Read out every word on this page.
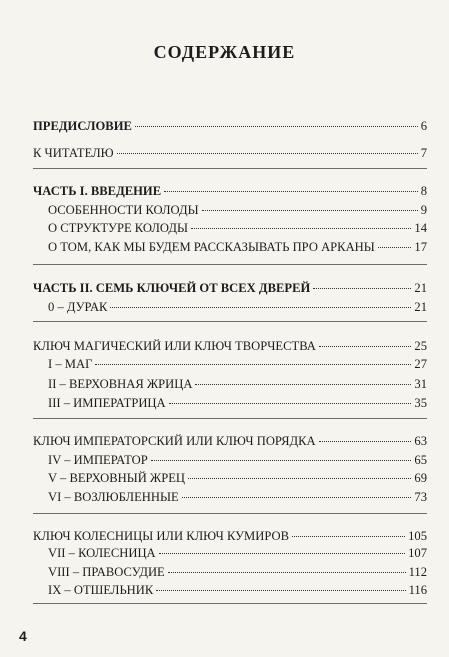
СОДЕРЖАНИЕ
ПРЕДИСЛОВИЕ	6
К ЧИТАТЕЛЮ	7
ЧАСТЬ I. ВВЕДЕНИЕ	8
ОСОБЕННОСТИ КОЛОДЫ	9
О СТРУКТУРЕ КОЛОДЫ	14
О ТОМ, КАК МЫ БУДЕМ РАССКАЗЫВАТЬ ПРО АРКАНЫ	17
ЧАСТЬ II. СЕМЬ КЛЮЧЕЙ ОТ ВСЕХ ДВЕРЕЙ	21
0 – ДУРАК	21
КЛЮЧ МАГИЧЕСКИЙ ИЛИ КЛЮЧ ТВОРЧЕСТВА	25
I – МАГ	27
II – ВЕРХОВНАЯ ЖРИЦА	31
III – ИМПЕРАТРИЦА	35
КЛЮЧ ИМПЕРАТОРСКИЙ ИЛИ КЛЮЧ ПОРЯДКА	63
IV – ИМПЕРАТОР	65
V – ВЕРХОВНЫЙ ЖРЕЦ	69
VI – ВОЗЛЮБЛЕННЫЕ	73
КЛЮЧ КОЛЕСНИЦЫ ИЛИ КЛЮЧ КУМИРОВ	105
VII – КОЛЕСНИЦА	107
VIII – ПРАВОСУДИЕ	112
IX – ОТШЕЛЬНИК	116
4
